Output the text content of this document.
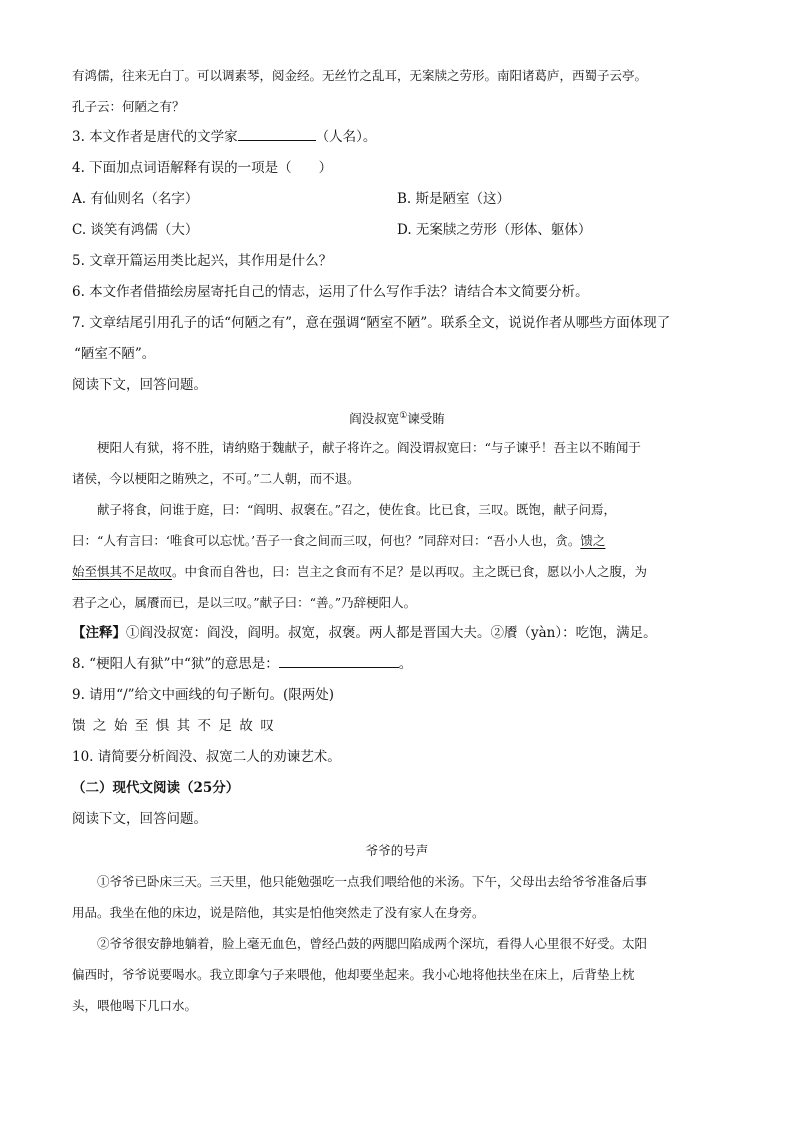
有鸿儒，往来无白丁。可以调素琴，阅金经。无丝竹之乱耳，无案牍之劳形。南阳诸葛庐，西蜀子云亭。
孔子云：何陋之有？
3. 本文作者是唐代的文学家	（人名）。
4. 下面加点词语解释有误的一项是（　　）
A. 有仙则名（名字）	B. 斯是陋室（这）
C. 谈笑有鸿儒（大）	D. 无案牍之劳形（形体、躯体）
5. 文章开篇运用类比起兴，其作用是什么？
6. 本文作者借描绘房屋寄托自己的情志，运用了什么写作手法？请结合本文简要分析。
7. 文章结尾引用孔子的话“何陋之有”，意在强调“陋室不陋”。联系全文，说说作者从哪些方面体现了
“陋室不陋”。
阅读下文，回答问题。
阎没叔宽①谏受賄
梗阳人有狱，将不胜，请纳赂于魏献子，献子将许之。阎没谓叔宽曰：“与子谏乎！吾主以不賄闻于
诸侯，今以梗阳之賄殃之，不可。”二人朝，而不退。
献子将食，问谁于庭，曰：“阎明、叔褒在。”召之，使佐食。比已食，三叹。既饱，献子问焉，
曰：“人有言曰：‘唯食可以忘忧。’吾子一食之间而三叹，何也？”同辞对曰：“吾小人也，贪。馈之
始至惧其不足故叹。中食而自咎也，曰：岂主之食而有不足？是以再叹。主之既已食，愿以小人之腹，为
君子之心，属餍而已，是以三叹。”献子曰：“善。”乃辞梗阳人。
【注释】①阎没叔宽：阎没，阎明。叔宽，叔褒。两人都是晋国大夫。②餍（yàn）：吃饱，满足。
8. “梗阳人有狱”中“狱”的意思是：	。
9. 请用“/”给文中画线的句子断句。(限两处)
馈之始至惧其不足故叹
10. 请简要分析阎没、叔宽二人的劝谏艺术。
（二）现代文阅读（25分）
阅读下文，回答问题。
爷爷的号声
①爷爷已卧床三天。三天里，他只能勉强吃一点我们喂给他的米汤。下午，父母出去给爷爷准备后事
用品。我坐在他的床边，说是陪他，其实是怕他突然走了没有家人在身旁。
②爷爷很安静地躺着，脸上毫无血色，曾经凸鼓的两腮凹陷成两个深坑，看得人心里很不好受。太阳
偏西时，爷爷说要喝水。我立即拿勺子来喂他，他却要坐起来。我小心地将他扶坐在床上，后背垫上枕
头，喂他喝下几口水。
